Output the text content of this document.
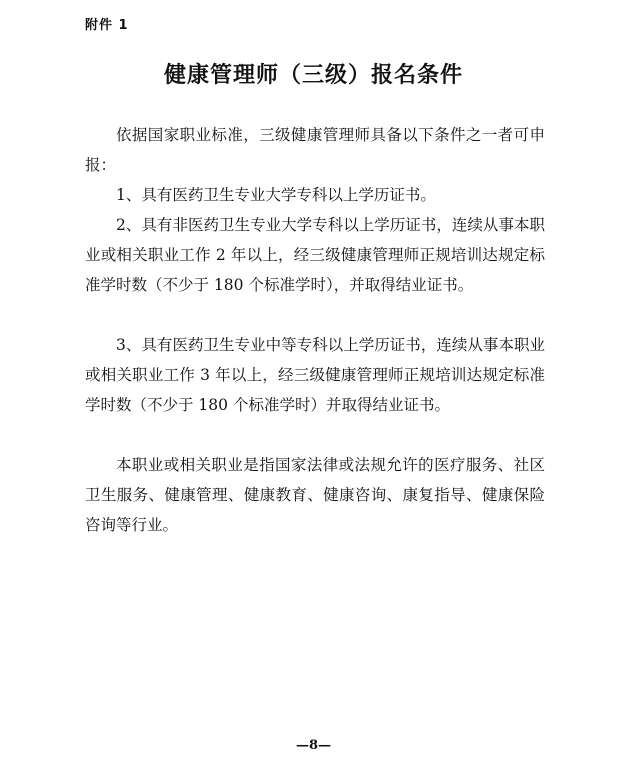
附件 1
健康管理师（三级）报名条件

依据国家职业标准，三级健康管理师具备以下条件之一者可申报：

1、具有医药卫生专业大学专科以上学历证书。

2、具有非医药卫生专业大学专科以上学历证书，连续从事本职业或相关职业工作 2 年以上，经三级健康管理师正规培训达规定标准学时数（不少于 180 个标准学时），并取得结业证书。

3、具有医药卫生专业中等专科以上学历证书，连续从事本职业或相关职业工作 3 年以上，经三级健康管理师正规培训达规定标准学时数（不少于 180 个标准学时）并取得结业证书。

本职业或相关职业是指国家法律或法规允许的医疗服务、社区卫生服务、健康管理、健康教育、健康咨询、康复指导、健康保险咨询等行业。

—8—
